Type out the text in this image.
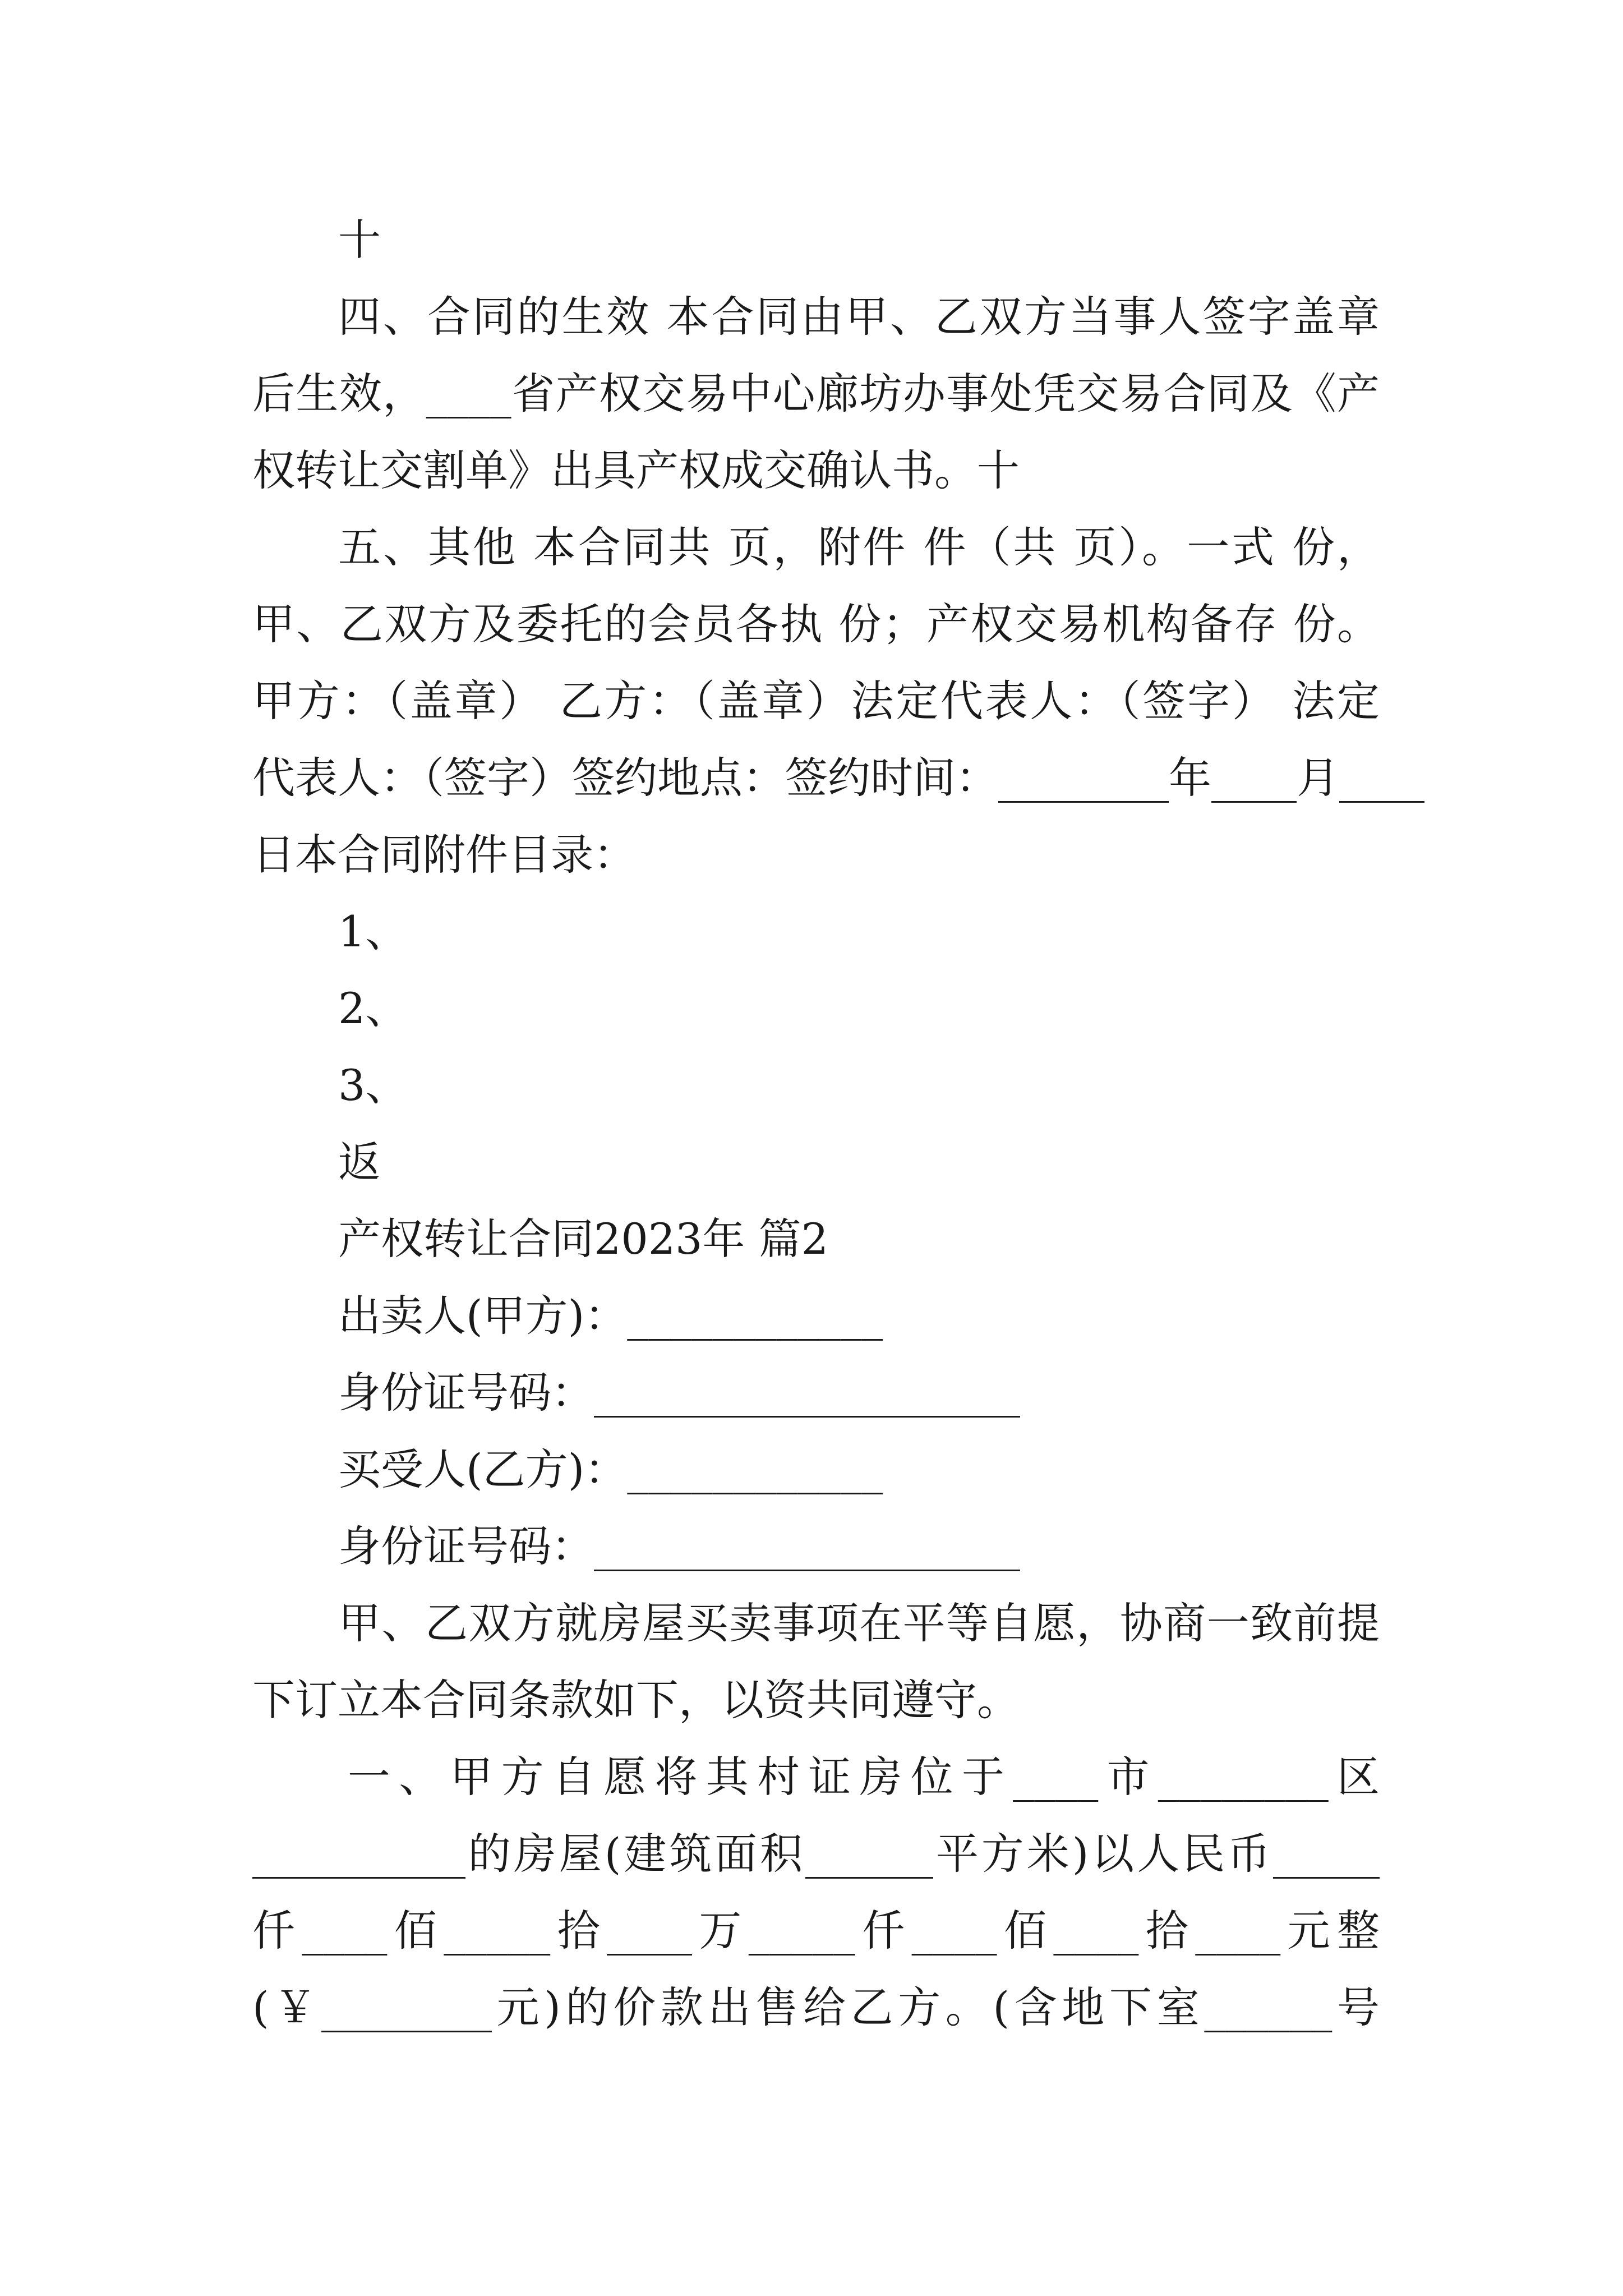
十
四、合同的生效 本合同由甲、乙双方当事人签字盖章
后生效，____省产权交易中心廊坊办事处凭交易合同及《产
权转让交割单》出具产权成交确认书。十
五、其他 本合同共 页，附件 件（共 页）。一式 份，
甲、乙双方及委托的会员各执 份；产权交易机构备存 份。
甲方：（盖章） 乙方：（盖章）法定代表人：（签字） 法定
代表人：（签字）签约地点：签约时间：________年____月____
日本合同附件目录：
1、
2、
3、
返
产权转让合同2023年 篇2
出卖人(甲方)：____________
身份证号码：____________________
买受人(乙方)：____________
身份证号码：____________________
甲、乙双方就房屋买卖事项在平等自愿，协商一致前提
下订立本合同条款如下，以资共同遵守。
一、甲方自愿将其村证房位于____市________区
__________的房屋(建筑面积______平方米)以人民币_____
仟____佰_____拾____万_____仟____佰____拾____元整
(￥________元)的价款出售给乙方。(含地下室______号
